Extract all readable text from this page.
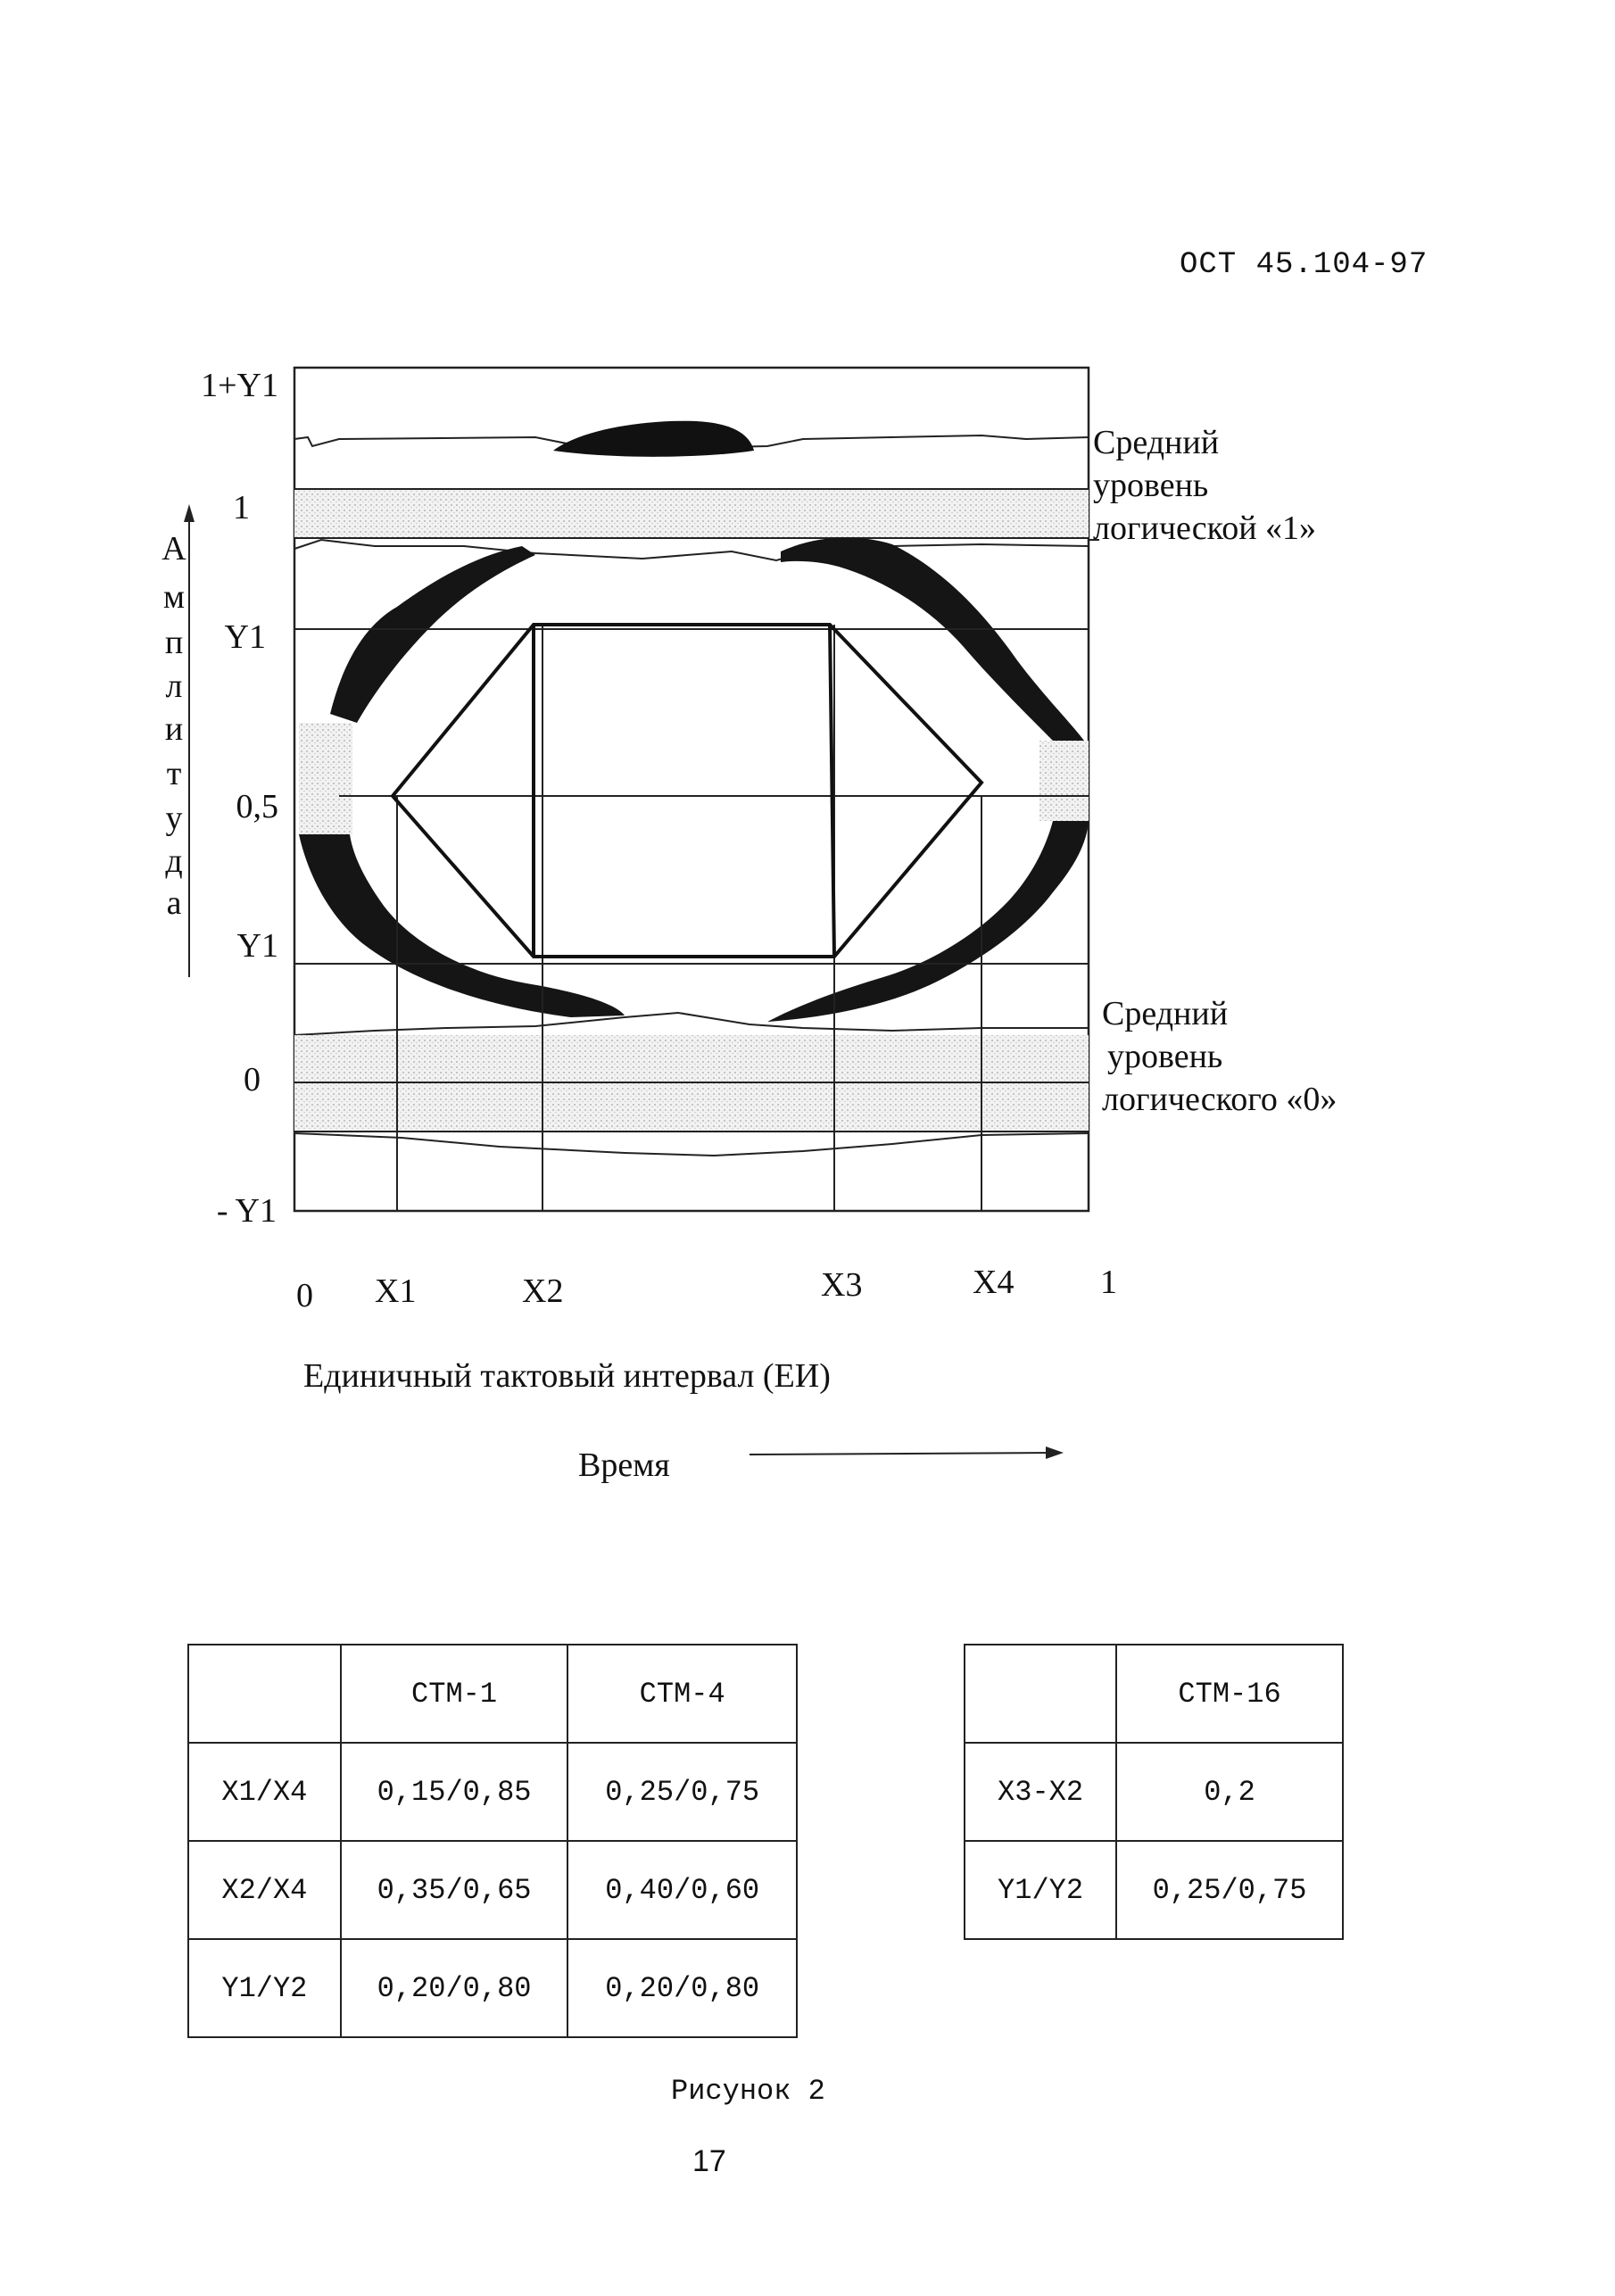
ОСТ 45.104-97
1+Y1
1
Y1
0,5
Y1
0
- Y1
А
м
п
л
и
т
у
д
а
0 X1	X2	X3	X4	1
Средний
уровень
логической «1»
Средний
уровень
логического «0»
Единичный тактовый интервал (ЕИ)
Время
	СТМ-1	СТМ-4
X1/X4	0,15/0,85	0,25/0,75
X2/X4	0,35/0,65	0,40/0,60
Y1/Y2	0,20/0,80	0,20/0,80
	СТМ-16
X3-X2	0,2
Y1/Y2	0,25/0,75
Рисунок 2
17
